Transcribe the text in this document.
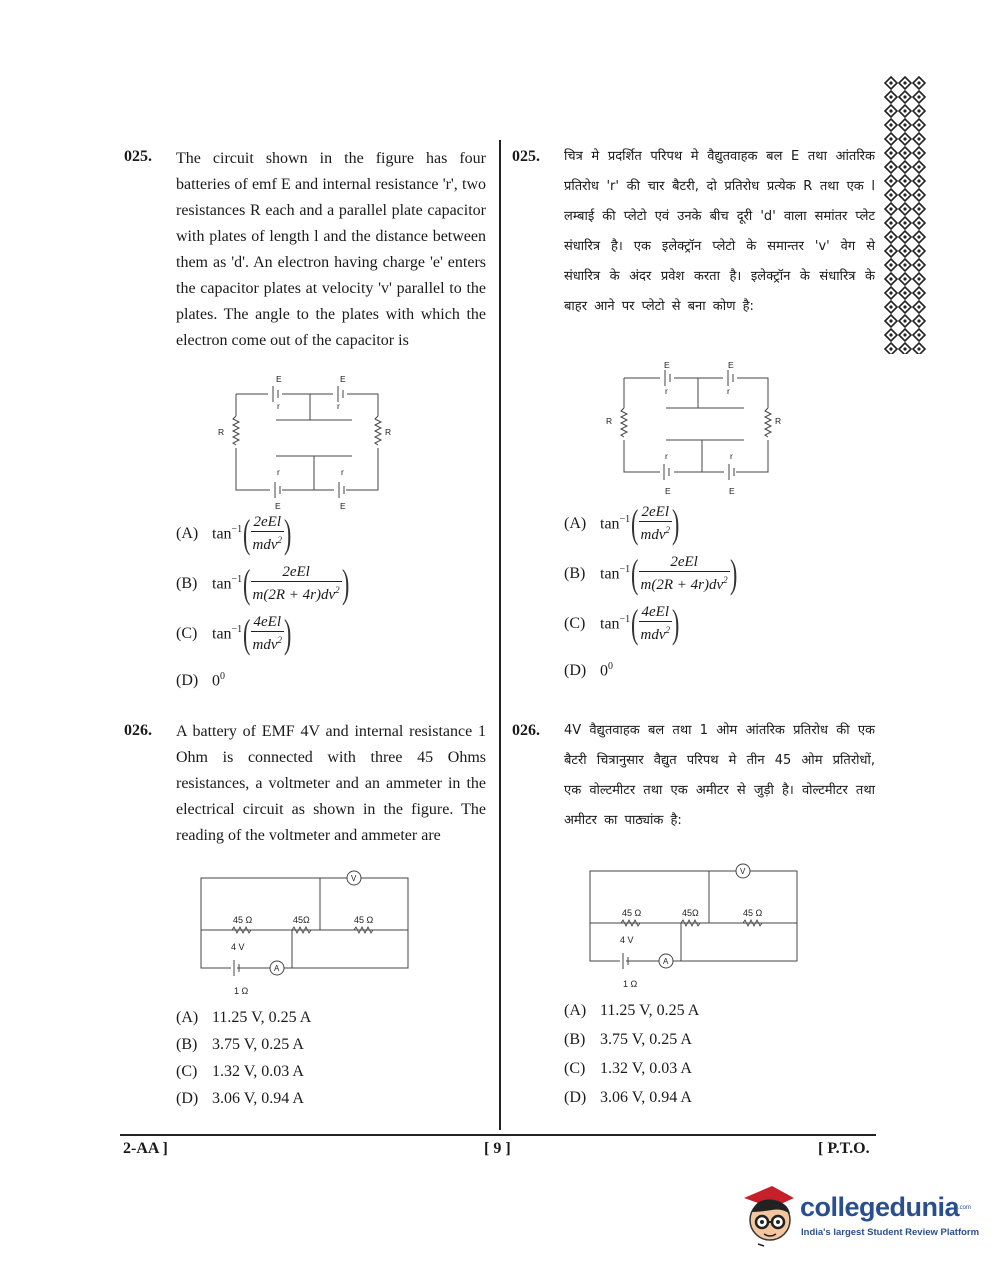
025. The circuit shown in the figure has four batteries of emf E and internal resistance 'r', two resistances R each and a parallel plate capacitor with plates of length l and the distance between them as 'd'. An electron having charge 'e' enters the capacitor plates at velocity 'v' parallel to the plates. The angle to the plates with which the electron come out of the capacitor is
E	E
r	r
r	r
E	E
R	R
(A) $\tan^{-1}$ ( $\frac{\text{2eEl}}{mdv^2}$ )
(B) $\tan^{-1}$ ( $\frac{\text{2eEl}}{m(2R + 4r)dv^2}$ )
(C) $\tan^{-1}$ ( $\frac{\text{4eEl}}{mdv^2}$ )
(D) $0^0$
025. चित्र मे प्रदर्शित परिपथ मे वैद्युतवाहक बल E तथा आंतरिक प्रतिरोध 'r' की चार बैटरी, दो प्रतिरोध प्रत्येक R तथा एक l लम्बाई की प्लेटो एवं उनके बीच दूरी 'd' वाला समांतर प्लेट संधारित्र है। एक इलेक्ट्रॉन प्लेटो के समान्तर 'v' वेग से संधारित्र के अंदर प्रवेश करता है। इलेक्ट्रॉन के संधारित्र के बाहर आने पर प्लेटो से बना कोण है:
E	E
r	r
r	r
E	E
R	R
(A) $\tan^{-1}$ ( $\frac{\text{2eEl}}{mdv^2}$ )
(B) $\tan^{-1}$ ( $\frac{\text{2eEl}}{m(2R + 4r)dv^2}$ )
(C) $\tan^{-1}$ ( $\frac{\text{4eEl}}{mdv^2}$ )
(D) $0^0$
026. A battery of EMF 4V and internal resistance 1 Ohm is connected with three 45 Ohms resistances, a voltmeter and an ammeter in the electrical circuit as shown in the figure. The reading of the voltmeter and ammeter are
V
A
45 Ω	45Ω	45 Ω
4 V
1 Ω
(A) 11.25 V, 0.25 A
(B) 3.75 V, 0.25 A
(C) 1.32 V, 0.03 A
(D) 3.06 V, 0.94 A
026. 4V वैद्युतवाहक बल तथा 1 ओम आंतरिक प्रतिरोध की एक बैटरी चित्रानुसार वैद्युत परिपथ मे तीन 45 ओम प्रतिरोधों, एक वोल्टमीटर तथा एक अमीटर से जुड़ी है। वोल्टमीटर तथा अमीटर का पाठ्यांक है:
V
A
45 Ω	45Ω	45 Ω
4 V
1 Ω
(A) 11.25 V, 0.25 A
(B) 3.75 V, 0.25 A
(C) 1.32 V, 0.03 A
(D) 3.06 V, 0.94 A
2-AA ]	[ 9 ]	[ P.T.O.
collegedunia
.com
India's largest Student Review Platform
